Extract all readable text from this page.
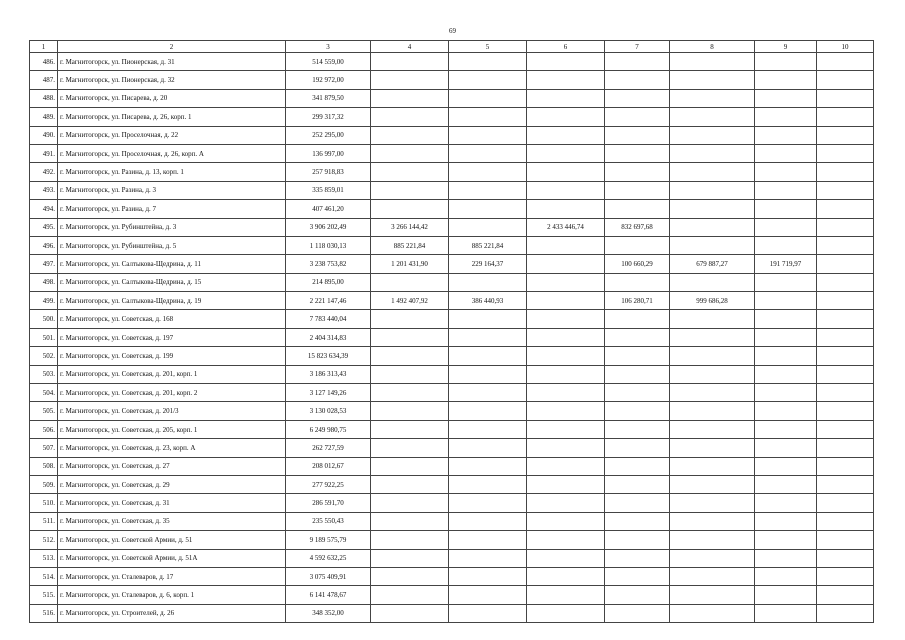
69
1	2	3	4	5	6	7	8	9	10
486.	г. Магнитогорск, ул. Пионерская, д. 31	514 559,00							
487.	г. Магнитогорск, ул. Пионерская, д. 32	192 972,00							
488.	г. Магнитогорск, ул. Писарева, д. 20	341 879,50							
489.	г. Магнитогорск, ул. Писарева, д. 26, корп. 1	299 317,32							
490.	г. Магнитогорск, ул. Проселочная, д. 22	252 295,00							
491.	г. Магнитогорск, ул. Проселочная, д. 26, корп. А	136 997,00							
492.	г. Магнитогорск, ул. Разина, д. 13, корп. 1	257 918,83							
493.	г. Магнитогорск, ул. Разина, д. 3	335 859,01							
494.	г. Магнитогорск, ул. Разина, д. 7	407 461,20							
495.	г. Магнитогорск, ул. Рубинштейна, д. 3	3 906 202,49	3 266 144,42		2 433 446,74	832 697,68			
496.	г. Магнитогорск, ул. Рубинштейна, д. 5	1 118 030,13	885 221,84	885 221,84					
497.	г. Магнитогорск, ул. Салтыкова-Щедрина, д. 11	3 238 753,82	1 201 431,90	229 164,37		100 660,29	679 887,27	191 719,97	
498.	г. Магнитогорск, ул. Салтыкова-Щедрина, д. 15	214 895,00							
499.	г. Магнитогорск, ул. Салтыкова-Щедрина, д. 19	2 221 147,46	1 492 407,92	386 440,93		106 280,71	999 686,28		
500.	г. Магнитогорск, ул. Советская, д. 168	7 783 440,04							
501.	г. Магнитогорск, ул. Советская, д. 197	2 404 314,83							
502.	г. Магнитогорск, ул. Советская, д. 199	15 823 634,39							
503.	г. Магнитогорск, ул. Советская, д. 201, корп. 1	3 186 313,43							
504.	г. Магнитогорск, ул. Советская, д. 201, корп. 2	3 127 149,26							
505.	г. Магнитогорск, ул. Советская, д. 201/3	3 130 028,53							
506.	г. Магнитогорск, ул. Советская, д. 205, корп. 1	6 249 980,75							
507.	г. Магнитогорск, ул. Советская, д. 23, корп. А	262 727,59							
508.	г. Магнитогорск, ул. Советская, д. 27	208 012,67							
509.	г. Магнитогорск, ул. Советская, д. 29	277 922,25							
510.	г. Магнитогорск, ул. Советская, д. 31	286 591,70							
511.	г. Магнитогорск, ул. Советская, д. 35	235 550,43							
512.	г. Магнитогорск, ул. Советской Армии, д. 51	9 189 575,79							
513.	г. Магнитогорск, ул. Советской Армии, д. 51А	4 592 632,25							
514.	г. Магнитогорск, ул. Сталеваров, д. 17	3 075 409,91							
515.	г. Магнитогорск, ул. Сталеваров, д. 6, корп. 1	6 141 478,67							
516.	г. Магнитогорск, ул. Строителей, д. 26	348 352,00							
